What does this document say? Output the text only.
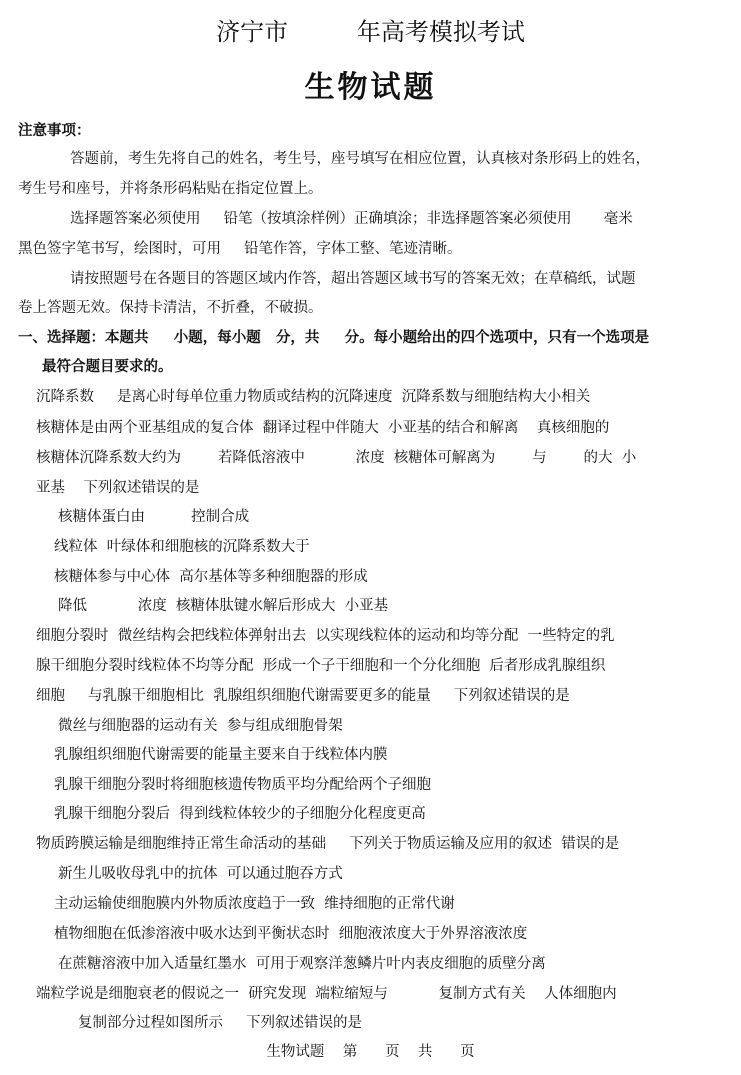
济宁市         年高考模拟考试
生物试题
注意事项：
答题前，考生先将自己的姓名，考生号，座号填写在相应位置，认真核对条形码上的姓名，
考生号和座号，并将条形码粘贴在指定位置上。
选择题答案必须使用     铅笔（按填涂样例）正确填涂；非选择题答案必须使用       毫米
黑色签字笔书写，绘图时，可用     铅笔作答，字体工整、笔迹清晰。
请按照题号在各题目的答题区域内作答，超出答题区域书写的答案无效；在草稿纸，试题
卷上答题无效。保持卡清洁，不折叠，不破损。
一、选择题：本题共     小题，每小题   分，共     分。每小题给出的四个选项中，只有一个选项是
最符合题目要求的。
沉降系数     是离心时每单位重力物质或结构的沉降速度  沉降系数与细胞结构大小相关
核糖体是由两个亚基组成的复合体  翻译过程中伴随大  小亚基的结合和解离    真核细胞的
核糖体沉降系数大约为        若降低溶液中           浓度  核糖体可解离为        与        的大  小
亚基    下列叙述错误的是
核糖体蛋白由          控制合成
线粒体  叶绿体和细胞核的沉降系数大于
核糖体参与中心体  高尔基体等多种细胞器的形成
降低           浓度  核糖体肽键水解后形成大  小亚基
细胞分裂时  微丝结构会把线粒体弹射出去  以实现线粒体的运动和均等分配  一些特定的乳
腺干细胞分裂时线粒体不均等分配  形成一个子干细胞和一个分化细胞  后者形成乳腺组织
细胞     与乳腺干细胞相比  乳腺组织细胞代谢需要更多的能量     下列叙述错误的是
微丝与细胞器的运动有关  参与组成细胞骨架
乳腺组织细胞代谢需要的能量主要来自于线粒体内膜
乳腺干细胞分裂时将细胞核遗传物质平均分配给两个子细胞
乳腺干细胞分裂后  得到线粒体较少的子细胞分化程度更高
物质跨膜运输是细胞维持正常生命活动的基础     下列关于物质运输及应用的叙述  错误的是
新生儿吸收母乳中的抗体  可以通过胞吞方式
主动运输使细胞膜内外物质浓度趋于一致  维持细胞的正常代谢
植物细胞在低渗溶液中吸水达到平衡状态时  细胞液浓度大于外界溶液浓度
在蔗糖溶液中加入适量红墨水  可用于观察洋葱鳞片叶内表皮细胞的质壁分离
端粒学说是细胞衰老的假说之一  研究发现  端粒缩短与           复制方式有关    人体细胞内
复制部分过程如图所示     下列叙述错误的是
生物试题    第      页    共      页
